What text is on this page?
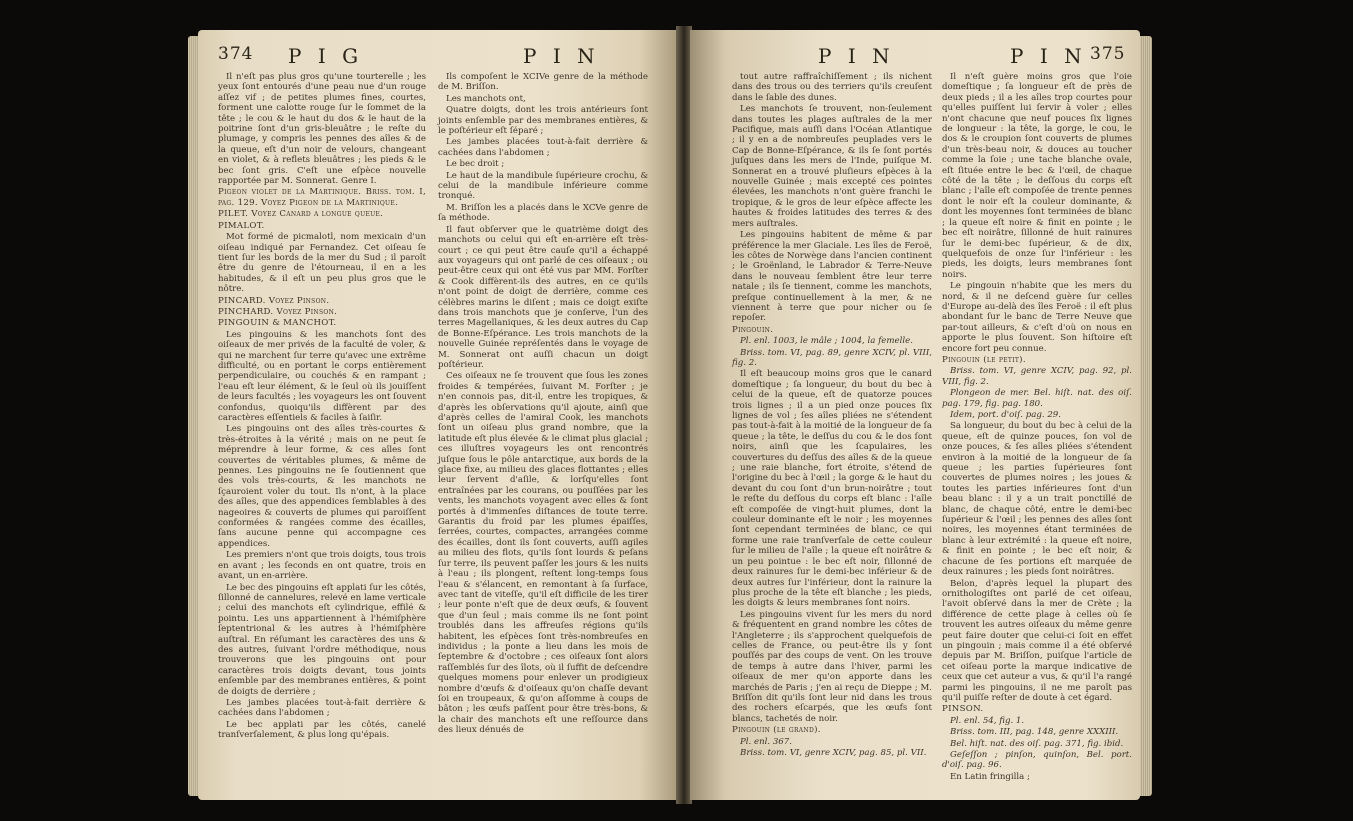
374 P I G	P I N

Il n'eſt pas plus gros qu'une tourterelle ; les yeux ſont entourés d'une peau nue d'un rouge aſſez vif ; de petites plumes fines, courtes, forment une calotte rouge ſur le ſommet de la tête ; le cou & le haut du dos & le haut de la poitrine ſont d'un gris-bleuâtre ; le reſte du plumage, y compris les pennes des aîles & de la queue, eſt d'un noir de velours, changeant en violet, & à reflets bleuâtres ; les pieds & le bec ſont gris. C'eſt une eſpèce nouvelle rapportée par M. Sonnerat. Genre I.

Pigeon violet de la Martinique. Briss. tom. I, pag. 129. Voyez Pigeon de la Martinique.

PILET. Voyez Canard a longue queue.

PIMALOT.

Mot formé de picmalotl, nom mexicain d'un oiſeau indiqué par Fernandez. Cet oiſeau ſe tient ſur les bords de la mer du Sud ; il paroît être du genre de l'étourneau, il en a les habitudes, & il eſt un peu plus gros que le nôtre.

PINCARD. Voyez Pinson.

PINCHARD. Voyez Pinson.

PINGOUIN & MANCHOT.

Les pingouins & les manchots ſont des oiſeaux de mer privés de la faculté de voler, & qui ne marchent ſur terre qu'avec une extrême difficulté, ou en portant le corps entièrement perpendiculaire, ou couchés & en rampant ; l'eau eſt leur élément, & le ſeul où ils jouiſſent de leurs facultés ; les voyageurs les ont ſouvent confondus, quoiqu'ils diffèrent par des caractères eſſentiels & faciles à ſaiſir.

Les pingouins ont des aîles très-courtes & très-étroites à la vérité ; mais on ne peut ſe méprendre à leur forme, & ces aîles ſont couvertes de véritables plumes, & même de pennes. Les pingouins ne ſe ſoutiennent que des vols très-courts, & les manchots ne ſçauroient voler du tout. Ils n'ont, à la place des aîles, que des appendices ſemblables à des nageoires & couverts de plumes qui paroiſſent conformées & rangées comme des écailles, ſans aucune penne qui accompagne ces appendices.

Les premiers n'ont que trois doigts, tous trois en avant ; les ſeconds en ont quatre, trois en avant, un en-arrière.

Le bec des pingouins eſt applati ſur les côtés, ſillonné de cannelures, relevé en lame verticale ; celui des manchots eſt cylindrique, effilé & pointu. Les uns appartiennent à l'hémiſphère ſeptentrional & les autres à l'hémiſphère auſtral. En réſumant les caractères des uns & des autres, ſuivant l'ordre méthodique, nous trouverons que les pingouins ont pour caractères trois doigts devant, tous joints enſemble par des membranes entières, & point de doigts de derrière ;

Les jambes placées tout-à-fait derrière & cachées dans l'abdomen ;

Le bec applati par les côtés, canelé tranſverſalement, & plus long qu'épais.

Ils compoſent le XCIVe genre de la méthode de M. Briſſon.

Les manchots ont,

Quatre doigts, dont les trois antérieurs ſont joints enſemble par des membranes entières, & le poſtérieur eſt ſéparé ;

Les jambes placées tout-à-fait derrière & cachées dans l'abdomen ;

Le bec droit ;

Le haut de la mandibule ſupérieure crochu, & celui de la mandibule inférieure comme tronqué.

M. Briſſon les a placés dans le XCVe genre de ſa méthode.

Il faut obſerver que le quatrième doigt des manchots ou celui qui eſt en-arrière eſt très-court ; ce qui peut être cauſe qu'il a échappé aux voyageurs qui ont parlé de ces oiſeaux ; ou peut-être ceux qui ont été vus par MM. Forſter & Cook diffèrent-ils des autres, en ce qu'ils n'ont point de doigt de derrière, comme ces célèbres marins le diſent ; mais ce doigt exiſte dans trois manchots que je conſerve, l'un des terres Magellaniques, & les deux autres du Cap de Bonne-Eſpérance. Les trois manchots de la nouvelle Guinée repréſentés dans le voyage de M. Sonnerat ont auſſi chacun un doigt poſtérieur.

Ces oiſeaux ne ſe trouvent que ſous les zones froides & tempérées, ſuivant M. Forſter ; je n'en connois pas, dit-il, entre les tropiques, & d'après les obſervations qu'il ajoute, ainſi que d'après celles de l'amiral Cook, les manchots ſont un oiſeau plus grand nombre, que la latitude eſt plus élevée & le climat plus glacial ; ces illuſtres voyageurs les ont rencontrés juſque ſous le pôle antarctique, aux bords de la glace fixe, au milieu des glaces flottantes ; elles leur ſervent d'aſile, & lorſqu'elles ſont entraînées par les courans, ou pouſſées par les vents, les manchots voyagent avec elles & ſont portés à d'immenſes diſtances de toute terre. Garantis du froid par les plumes épaiſſes, ſerrées, courtes, compactes, arrangées comme des écailles, dont ils ſont couverts, auſſi agiles au milieu des flots, qu'ils ſont lourds & peſans ſur terre, ils peuvent paſſer les jours & les nuits à l'eau ; ils plongent, reſtent long-temps ſous l'eau & s'élancent, en remontant à ſa ſurface, avec tant de viteſſe, qu'il eſt difficile de les tirer ; leur ponte n'eſt que de deux œufs, & ſouvent que d'un ſeul ; mais comme ils ne ſont point troublés dans les affreuſes régions qu'ils habitent, les eſpèces ſont très-nombreuſes en individus ; la ponte a lieu dans les mois de ſeptembre & d'octobre ; ces oiſeaux ſont alors raſſemblés ſur des îlots, où il ſuffit de deſcendre quelques momens pour enlever un prodigieux nombre d'œufs & d'oiſeaux qu'on chaſſe devant ſoi en troupeaux, & qu'on aſſomme à coups de bâton ; les œufs paſſent pour être très-bons, & la chair des manchots eſt une reſſource dans des lieux dénués de

P I N	P I N 375

tout autre raffraîchiſſement ; ils nichent dans des trous ou des terriers qu'ils creuſent dans le ſable des dunes.

Les manchots ſe trouvent, non-ſeulement dans toutes les plages auſtrales de la mer Pacifique, mais auſſi dans l'Océan Atlantique ; il y en a de nombreuſes peuplades vers le Cap de Bonne-Eſpérance, & ils ſe ſont portés juſques dans les mers de l'Inde, puiſque M. Sonnerat en a trouvé pluſieurs eſpèces à la nouvelle Guinée ; mais excepté ces pointes élevées, les manchots n'ont guère franchi le tropique, & le gros de leur eſpèce affecte les hautes & froides latitudes des terres & des mers auſtrales.

Les pingouins habitent de même & par préférence la mer Glaciale. Les îles de Feroë, les côtes de Norwège dans l'ancien continent ; le Groënland, le Labrador & Terre-Neuve dans le nouveau ſemblent être leur terre natale ; ils ſe tiennent, comme les manchots, preſque continuellement à la mer, & ne viennent à terre que pour nicher ou ſe repoſer.

Pingouin.

Pl. enl. 1003, le mâle ; 1004, la femelle.

Briss. tom. VI, pag. 89, genre XCIV, pl. VIII, fig. 2.

Il eſt beaucoup moins gros que le canard domeſtique ; ſa longueur, du bout du bec à celui de la queue, eſt de quatorze pouces trois lignes ; il a un pied onze pouces ſix lignes de vol ; ſes aîles pliées ne s'étendent pas tout-à-fait à la moitié de la longueur de ſa queue ; la tête, le deſſus du cou & le dos ſont noirs, ainſi que les ſcapulaires, les couvertures du deſſus des aîles & de la queue ; une raie blanche, fort étroite, s'étend de l'origine du bec à l'œil ; la gorge & le haut du devant du cou ſont d'un brun-noirâtre ; tout le reſte du deſſous du corps eſt blanc : l'aîle eſt compoſée de vingt-huit plumes, dont la couleur dominante eſt le noir ; les moyennes ſont cependant terminées de blanc, ce qui forme une raie tranſverſale de cette couleur ſur le milieu de l'aîle ; la queue eſt noirâtre & un peu pointue : le bec eſt noir, ſillonné de deux rainures ſur le demi-bec inférieur & de deux autres ſur l'inférieur, dont la rainure la plus proche de la tête eſt blanche ; les pieds, les doigts & leurs membranes ſont noirs.

Les pingouins vivent ſur les mers du nord & fréquentent en grand nombre les côtes de l'Angleterre ; ils s'approchent quelquefois de celles de France, ou peut-être ils y ſont pouſſés par des coups de vent. On les trouve de temps à autre dans l'hiver, parmi les oiſeaux de mer qu'on apporte dans les marchés de Paris ; j'en ai reçu de Dieppe ; M. Briſſon dit qu'ils ſont leur nid dans les trous des rochers eſcarpés, que les œufs ſont blancs, tachetés de noir.

Pingouin (le grand).

Pl. enl. 367.

Briss. tom. VI, genre XCIV, pag. 85, pl. VII.

Il n'eſt guère moins gros que l'oie domeſtique ; ſa longueur eſt de près de deux pieds ; il a les aîles trop courtes pour qu'elles puiſſent lui ſervir à voler ; elles n'ont chacune que neuf pouces ſix lignes de longueur : la tête, la gorge, le cou, le dos & le croupion ſont couverts de plumes d'un très-beau noir, & douces au toucher comme la ſoie ; une tache blanche ovale, eſt ſituée entre le bec & l'œil, de chaque côté de la tête ; le deſſous du corps eſt blanc ; l'aîle eſt compoſée de trente pennes dont le noir eſt la couleur dominante, & dont les moyennes ſont terminées de blanc ; la queue eſt noire & finit en pointe ; le bec eſt noirâtre, ſillonné de huit rainures ſur le demi-bec ſupérieur, & de dix, quelquefois de onze ſur l'inférieur : les pieds, les doigts, leurs membranes ſont noirs.

Le pingouin n'habite que les mers du nord, & il ne deſcend guère ſur celles d'Europe au-delà des îles Feroë : il eſt plus abondant ſur le banc de Terre Neuve que par-tout ailleurs, & c'eſt d'où on nous en apporte le plus ſouvent. Son hiſtoire eſt encore fort peu connue.

Pingouin (le petit).

Briss. tom. VI, genre XCIV, pag. 92, pl. VIII, fig. 2.

Plongeon de mer. Bel. hiſt. nat. des oiſ. pag. 179, fig. pag. 180.

Idem, port. d'oiſ. pag. 29.

Sa longueur, du bout du bec à celui de la queue, eſt de quinze pouces, ſon vol de onze pouces, & ſes aîles pliées s'étendent environ à la moitié de la longueur de ſa queue ; les parties ſupérieures ſont couvertes de plumes noires ; les joues & toutes les parties inférieures ſont d'un beau blanc : il y a un trait ponctillé de blanc, de chaque côté, entre le demi-bec ſupérieur & l'œil ; les pennes des aîles ſont noires, les moyennes étant terminées de blanc à leur extrémité : la queue eſt noire, & finit en pointe ; le bec eſt noir, & chacune de ſes portions eſt marquée de deux rainures ; les pieds ſont noirâtres.

Belon, d'après lequel la plupart des ornithologiſtes ont parlé de cet oiſeau, l'avoit obſervé dans la mer de Crète ; la différence de cette plage à celles où ſe trouvent les autres oiſeaux du même genre peut faire douter que celui-ci ſoit en effet un pingouin ; mais comme il a été obſervé depuis par M. Briſſon, puiſque l'article de cet oiſeau porte la marque indicative de ceux que cet auteur a vus, & qu'il l'a rangé parmi les pingouins, il ne me paroît pas qu'il puiſſe reſter de doute à cet égard.

PINSON.

Pl. enl. 54, fig. 1.

Briss. tom. III, pag. 148, genre XXXIII.

Bel. hiſt. nat. des oiſ. pag. 371, fig. ibid.

Geſeſſon ; pinſon, quinſon, Bel. port. d'oiſ. pag. 96.

En Latin fringilla ;
